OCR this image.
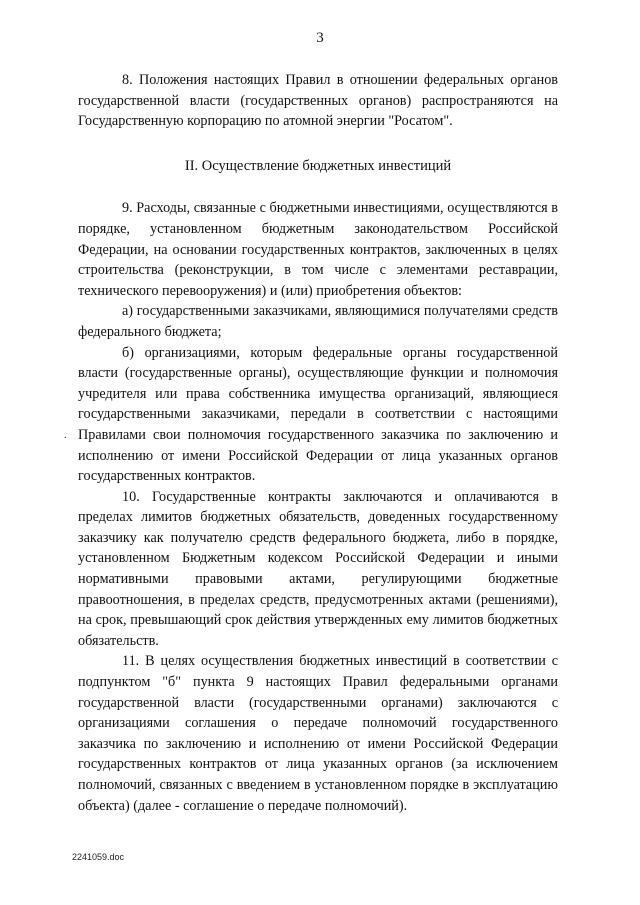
3

8. Положения настоящих Правил в отношении федеральных органов государственной власти (государственных органов) распространяются на Государственную корпорацию по атомной энергии "Росатом".

II. Осуществление бюджетных инвестиций

9. Расходы, связанные с бюджетными инвестициями, осуществляются в порядке, установленном бюджетным законодательством Российской Федерации, на основании государственных контрактов, заключенных в целях строительства (реконструкции, в том числе с элементами реставрации, технического перевооружения) и (или) приобретения объектов:

а) государственными заказчиками, являющимися получателями средств федерального бюджета;

б) организациями, которым федеральные органы государственной власти (государственные органы), осуществляющие функции и полномочия учредителя или права собственника имущества организаций, являющиеся государственными заказчиками, передали в соответствии с настоящими Правилами свои полномочия государственного заказчика по заключению и исполнению от имени Российской Федерации от лица указанных органов государственных контрактов.

10. Государственные контракты заключаются и оплачиваются в пределах лимитов бюджетных обязательств, доведенных государственному заказчику как получателю средств федерального бюджета, либо в порядке, установленном Бюджетным кодексом Российской Федерации и иными нормативными правовыми актами, регулирующими бюджетные правоотношения, в пределах средств, предусмотренных актами (решениями), на срок, превышающий срок действия утвержденных ему лимитов бюджетных обязательств.

11. В целях осуществления бюджетных инвестиций в соответствии с подпунктом "б" пункта 9 настоящих Правил федеральными органами государственной власти (государственными органами) заключаются с организациями соглашения о передаче полномочий государственного заказчика по заключению и исполнению от имени Российской Федерации государственных контрактов от лица указанных органов (за исключением полномочий, связанных с введением в установленном порядке в эксплуатацию объекта) (далее - соглашение о передаче полномочий).

.
2241059.doc
